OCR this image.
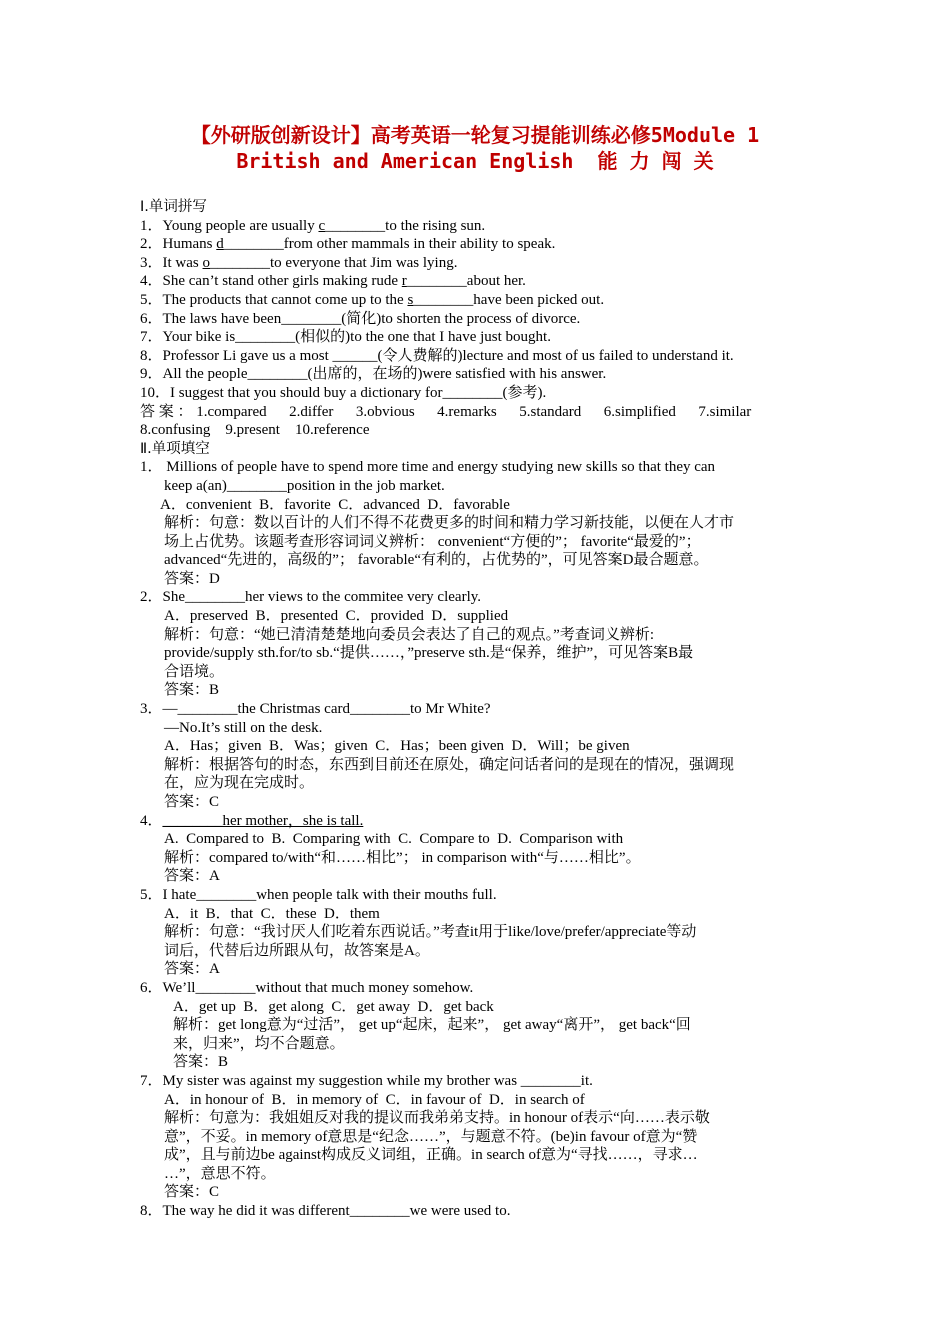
【外研版创新设计】高考英语一轮复习提能训练必修5Module 1
British and American English  能 力 闯 关
Ⅰ.单词拼写
1．Young people are usually c________to the rising sun.
2．Humans d________from other mammals in their ability to speak.
3．It was o________to everyone that Jim was lying.
4．She can’t stand other girls making rude r________about her.
5．The products that cannot come up to the s________have been picked out.
6．The laws have been________(简化)to shorten the process of divorce.
7．Your bike is________(相似的)to the one that I have just bought.
8．Professor Li gave us a most ______(令人费解的)lecture and most of us failed to understand it.
9．All the people________(出席的，在场的)were satisfied with his answer.
10．I suggest that you should buy a dictionary for________(参考).
答 案 ： 1.compared 　 2.differ 　 3.obvious 　 4.remarks 　 5.standard 　 6.simplified 　 7.similar
8.confusing　9.present　10.reference
Ⅱ.单项填空
1． Millions of people have to spend more time and energy studying new skills so that they can
keep a(an)________position in the job market.
A．convenient  B．favorite  C．advanced  D．favorable
解析：句意：数以百计的人们不得不花费更多的时间和精力学习新技能，以便在人才市
场上占优势。该题考查形容词词义辨析： convenient“方便的”； favorite“最爱的”；
advanced“先进的，高级的”； favorable“有利的，占优势的”，可见答案D最合题意。
答案：D
2．She________her views to the commitee very clearly.
A．preserved  B．presented  C．provided  D．supplied
解析：句意：“她已清清楚楚地向委员会表达了自己的观点。”考查词义辨析:
provide/supply sth.for/to sb.“提供……，”preserve sth.是“保养，维护”，可见答案B最
合语境。
答案：B
3．—________the Christmas card________to Mr White?
—No.It’s still on the desk.
A．Has；given  B．Was；given  C．Has；been given  D．Will；be given
解析：根据答句的时态，东西到目前还在原处，确定问话者问的是现在的情况，强调现
在，应为现在完成时。
答案：C
4．________her mother，she is tall.
A.  Compared to  B.  Comparing with  C.  Compare to  D.  Comparison with
解析：compared to/with“和……相比”； in comparison with“与……相比”。
答案：A
5．I hate________when people talk with their mouths full.
A．it  B．that  C．these  D．them
解析：句意：“我讨厌人们吃着东西说话。”考查it用于like/love/prefer/appreciate等动
词后，代替后边所跟从句，故答案是A。
答案：A
6．We’ll________without that much money somehow.
A．get up  B．get along  C．get away  D．get back
解析：get long意为“过活”， get up“起床，起来”， get away“离开”， get back“回
来，归来”，均不合题意。
答案：B
7．My sister was against my suggestion while my brother was ________it.
A．in honour of  B．in memory of  C．in favour of  D．in search of
解析：句意为：我姐姐反对我的提议而我弟弟支持。in honour of表示“向……表示敬
意”，不妥。in memory of意思是“纪念……”，与题意不符。(be)in favour of意为“赞
成”，且与前边be against构成反义词组，正确。in search of意为“寻找……，寻求…
…”，意思不符。
答案：C
8．The way he did it was different________we were used to.
